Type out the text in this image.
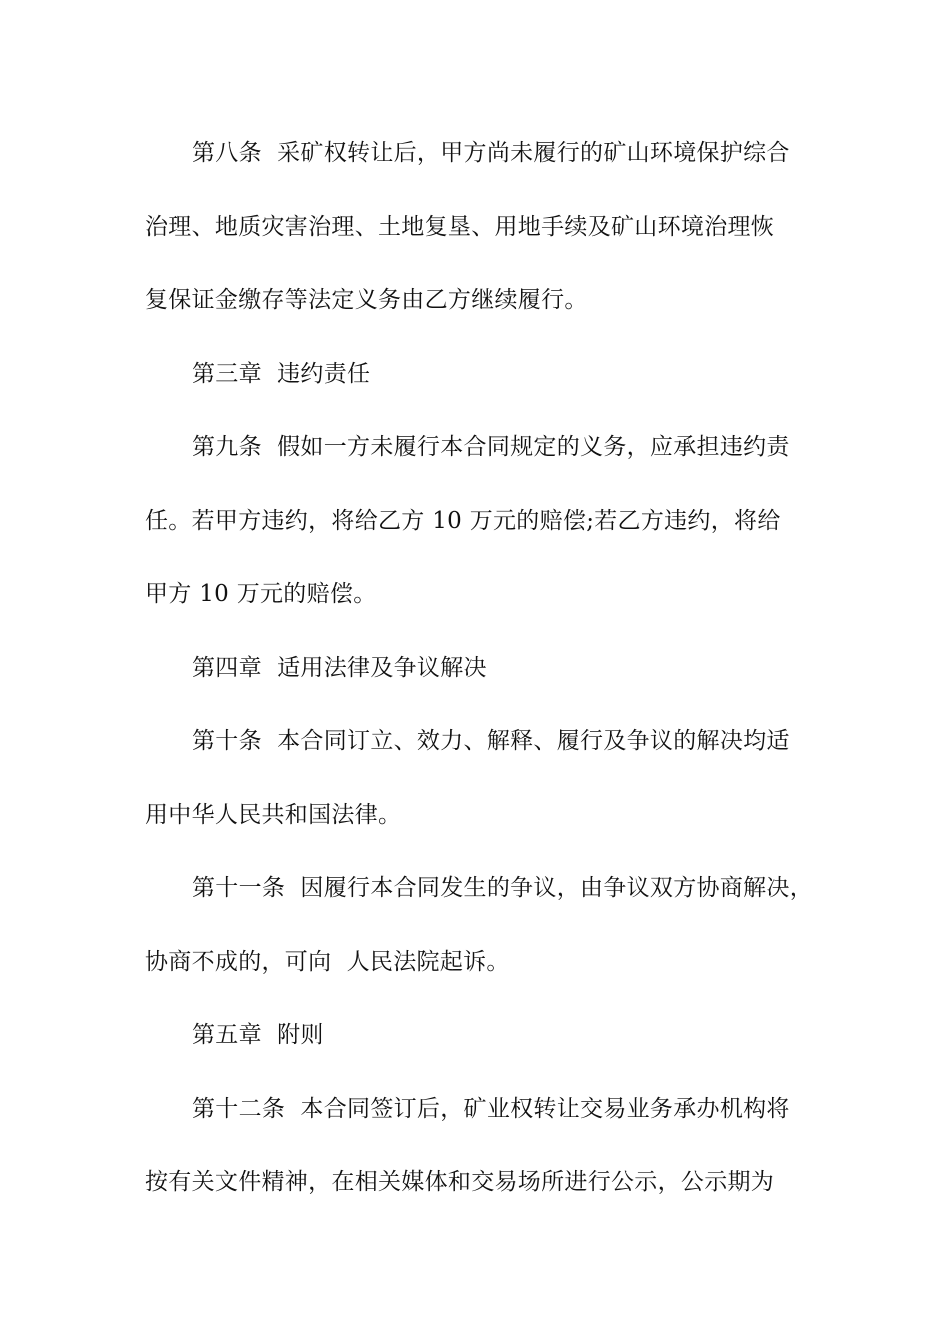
第八条  采矿权转让后，甲方尚未履行的矿山环境保护综合
治理、地质灾害治理、土地复垦、用地手续及矿山环境治理恢
复保证金缴存等法定义务由乙方继续履行。
第三章  违约责任
第九条  假如一方未履行本合同规定的义务，应承担违约责
任。若甲方违约，将给乙方 10 万元的赔偿;若乙方违约，将给
甲方 10 万元的赔偿。
第四章  适用法律及争议解决
第十条  本合同订立、效力、解释、履行及争议的解决均适
用中华人民共和国法律。
第十一条  因履行本合同发生的争议，由争议双方协商解决，
协商不成的，可向  人民法院起诉。
第五章  附则
第十二条  本合同签订后，矿业权转让交易业务承办机构将
按有关文件精神，在相关媒体和交易场所进行公示，公示期为
